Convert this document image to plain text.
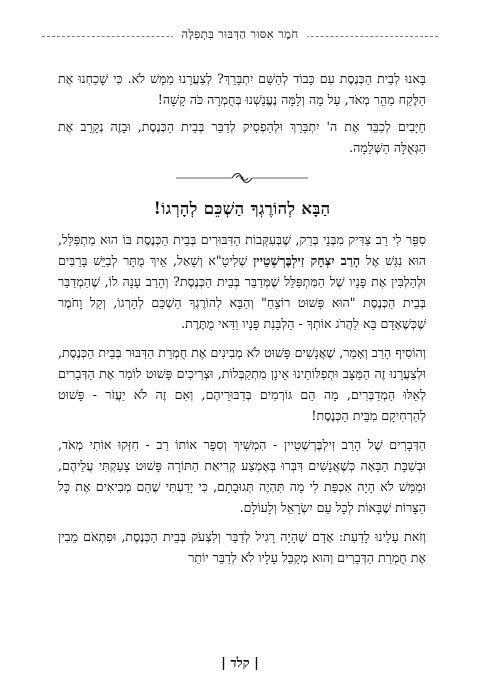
חֹמֶר אִסּוּר הַדִּבּוּר בִּתְפִלָּה

בָּאנוּ לְבֵית הַכְּנֶסֶת עִם כָּבוֹד לְהַשֵּׁם יִתְבָּרֵךְ? לְצַעֲרֵנוּ מַמָּשׁ לֹא. כִּי שָׁכַחְנוּ אֶת הַלֶּקַח מַהֵר מְאֹד, עַל מָה וְלָמָּה נֶעֱנַשְׁנוּ בְּחֻמְרָה כֹּה קָשָׁה!

חַיָּבִים לְכַבֵּד אֶת ה' יִתְבָּרֵךְ וּלְהַפְסִיק לְדַבֵּר בְּבֵית הַכְּנֶסֶת, וּבָזֶה נְקָרֵב אֶת הַגְּאֻלָּה הַשְּׁלֵמָה.

הַבָּא לְהוֹרֶגְךָ הַשְׁכֵּם לְהָרְגוֹ!

סִפֵּר לִי רַב צַדִּיק מִבְּנֵי בְּרַק, שֶׁבְּעִקְּבוֹת הַדִּבּוּרִים בְּבֵית הַכְּנֶסֶת בּוֹ הוּא מִתְפַּלֵּל, הוּא נִגַּשׁ אֶל הָרַב יִצְחָק זִילְבֶּרְשְׁטֵיין שְׁלִיטָ"א וְשָׁאַל, אֵיךְ מֻתָּר לְבַיֵּשׁ בָּרַבִּים וּלְהַלְבִּין אֶת פָּנָיו שֶׁל הַמִּתְפַּלֵּל שֶׁמְּדַבֵּר בְּבֵית הַכְּנֶסֶת? וְהָרַב עָנָה לוֹ, שֶׁהַמְדַבֵּר בְּבֵית הַכְּנֶסֶת "הוּא פָּשׁוּט רוֹצֵחַ" וְהַבָּא לְהוֹרֶגְךָ הַשְׁכֵּם לְהָרְגוֹ, וְקַל וָחֹמֶר שֶׁכְּשֶׁאָדָם בָּא לַהֲרֹג אוֹתְךָ - הַלְבָּנַת פָּנָיו וַדַּאי מֻתֶּרֶת.

וְהוֹסִיף הָרַב וְאָמַר, שֶׁאֲנָשִׁים פָּשׁוּט לֹא מְבִינִים אֶת חֻמְרַת הַדִּבּוּר בְּבֵית הַכְּנֶסֶת, וּלְצַעֲרֵנוּ זֶה הַמַּצָּב וּתְפִלּוֹתֵינוּ אֵינָן מִתְקַבְּלוֹת, וּצְרִיכִים פָּשׁוּט לוֹמַר אֶת הַדְּבָרִים לְאֵלּוּ הַמְדַבְּרִים, מָה הֵם גּוֹרְמִים בְּדִבּוּרֵיהֶם, וְאִם זֶה לֹא יַעֲזֹר - פָּשׁוּט לְהַרְחִיקָם מִבֵּית הַכְּנֶסֶת!

הַדְּבָרִים שֶׁל הָרַב זִילְבֶּרְשְׁטֵיין - הִמְשִׁיךְ וְסִפֵּר אוֹתוֹ רַב - חִזְּקוּ אוֹתִי מְאֹד, וּבְשַׁבָּת הַבָּאָה כְּשֶׁאֲנָשִׁים דִּבְּרוּ בְּאֶמְצַע קְרִיאַת הַתּוֹרָה פָּשׁוּט צָעַקְתִּי עֲלֵיהֶם, וּמַמָּשׁ לֹא הָיָה אִכְפַּת לִי מָה תִּהְיֶה תְּגוּבָתָם, כִּי יָדַעְתִּי שֶׁהֵם מְבִיאִים אֶת כָּל הַצָּרוֹת שֶׁבָּאוֹת לְכָל עַם יִשְׂרָאֵל וְלָעוֹלָם.

וְזֹאת עָלֵינוּ לָדַעַת: אָדָם שֶׁהָיָה רָגִיל לְדַבֵּר וְלִצְעֹק בְּבֵית הַכְּנֶסֶת, וּפִתְאֹם מֵבִין אֶת חֻמְרַת הַדְּבָרִים וְהוּא מְקַבֵּל עָלָיו לֹא לְדַבֵּר יוֹתֵר

| קלד |
